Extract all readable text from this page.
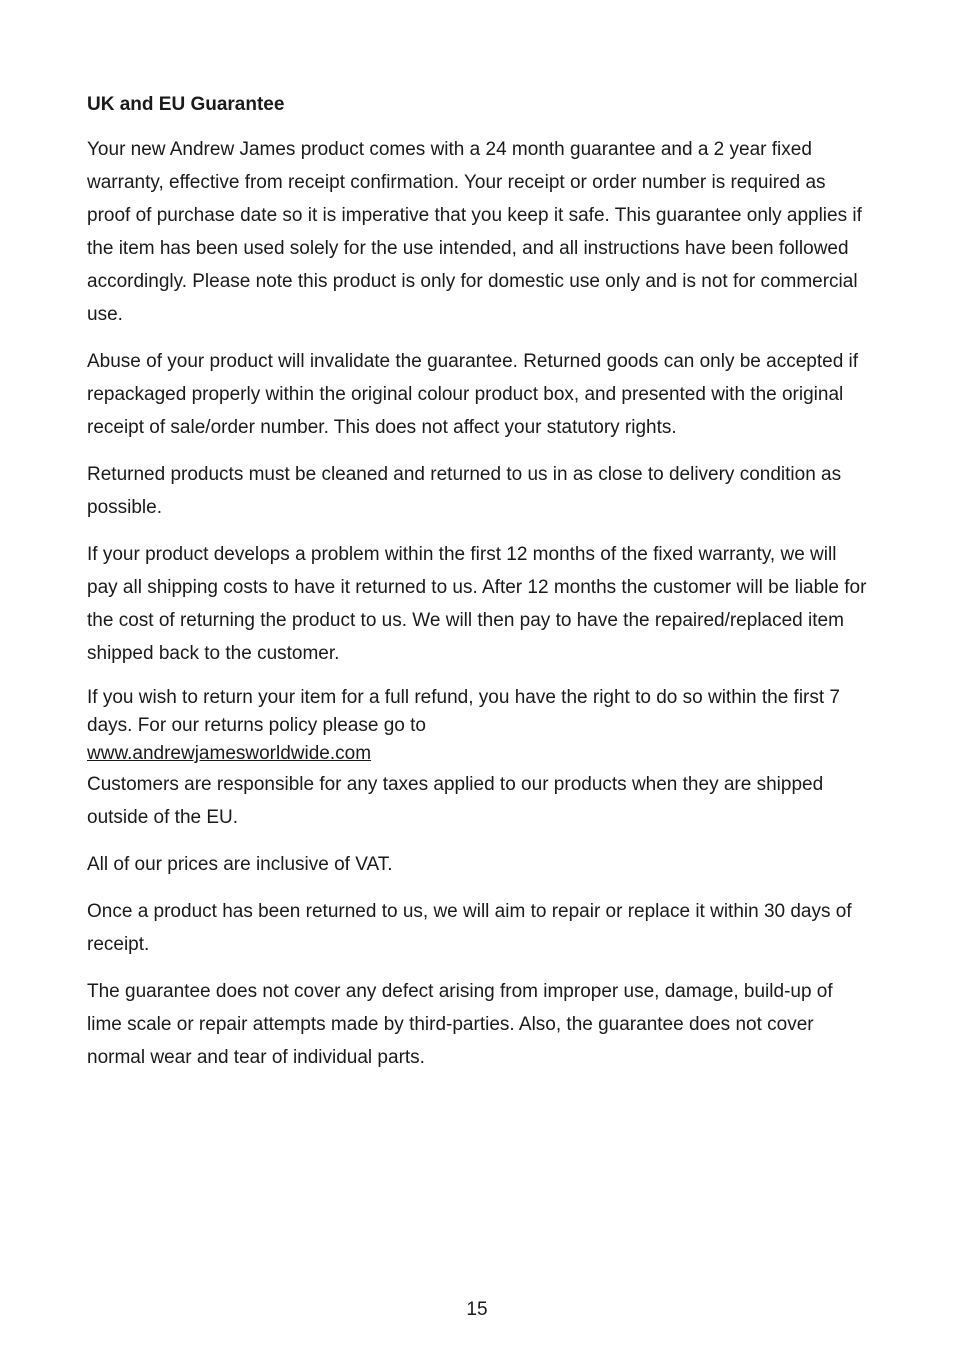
UK and EU Guarantee

Your new Andrew James product comes with a 24 month guarantee and a 2 year fixed warranty, effective from receipt confirmation. Your receipt or order number is required as proof of purchase date so it is imperative that you keep it safe. This guarantee only applies if the item has been used solely for the use intended, and all instructions have been followed accordingly. Please note this product is only for domestic use only and is not for commercial use.

Abuse of your product will invalidate the guarantee. Returned goods can only be accepted if repackaged properly within the original colour product box, and presented with the original receipt of sale/order number. This does not affect your statutory rights.

Returned products must be cleaned and returned to us in as close to delivery condition as possible.

If your product develops a problem within the first 12 months of the fixed warranty, we will pay all shipping costs to have it returned to us. After 12 months the customer will be liable for the cost of returning the product to us. We will then pay to have the repaired/replaced item shipped back to the customer.

If you wish to return your item for a full refund, you have the right to do so within the first 7 days. For our returns policy please go to

www.andrewjamesworldwide.com

Customers are responsible for any taxes applied to our products when they are shipped outside of the EU.

All of our prices are inclusive of VAT.

Once a product has been returned to us, we will aim to repair or replace it within 30 days of receipt.

The guarantee does not cover any defect arising from improper use, damage, build-up of lime scale or repair attempts made by third-parties. Also, the guarantee does not cover normal wear and tear of individual parts.

15
